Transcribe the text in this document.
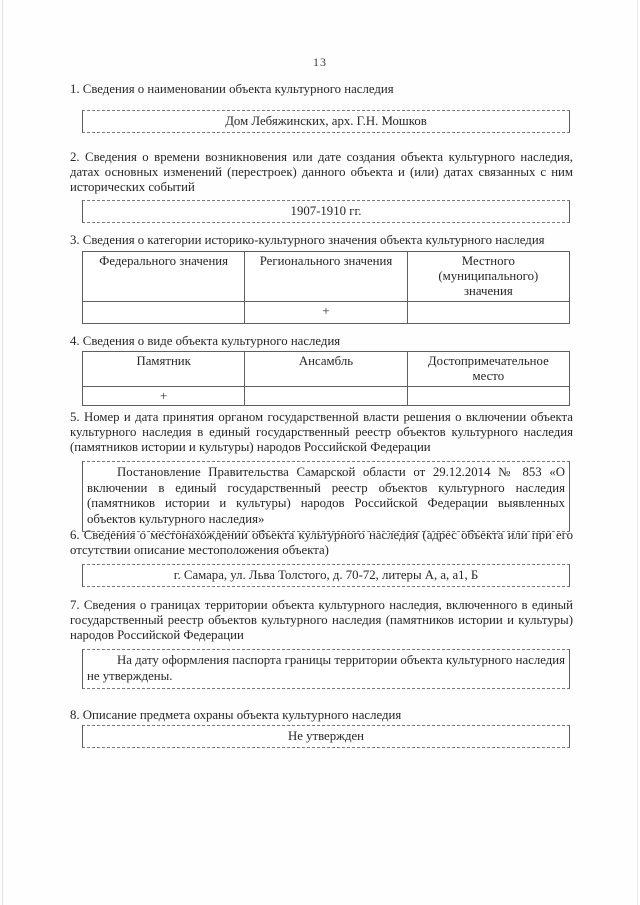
13
1. Сведения о наименовании объекта культурного наследия
Дом Лебяжинских, арх. Г.Н. Мошков
2. Сведения о времени возникновения или дате создания объекта культурного наследия, датах основных изменений (перестроек) данного объекта и (или) датах связанных с ним исторических событий
1907-1910 гг.
3. Сведения о категории историко-культурного значения объекта культурного наследия
Федерального значения	Регионального значения	Местного (муниципального) значения
	+	
4. Сведения о виде объекта культурного наследия
Памятник	Ансамбль	Достопримечательное место
+		
5. Номер и дата принятия органом государственной власти решения о включении объекта культурного наследия в единый государственный реестр объектов культурного наследия (памятников истории и культуры) народов Российской Федерации
Постановление Правительства Самарской области от 29.12.2014 № 853 «О включении в единый государственный реестр объектов культурного наследия (памятников истории и культуры) народов Российской Федерации выявленных объектов культурного наследия»
6. Сведения о местонахождении объекта культурного наследия (адрес объекта или при его отсутствии описание местоположения объекта)
г. Самара, ул. Льва Толстого, д. 70-72, литеры А, а, а1, Б
7. Сведения о границах территории объекта культурного наследия, включенного в единый государственный реестр объектов культурного наследия (памятников истории и культуры) народов Российской Федерации
На дату оформления паспорта границы территории объекта культурного наследия не утверждены.
8. Описание предмета охраны объекта культурного наследия
Не утвержден
